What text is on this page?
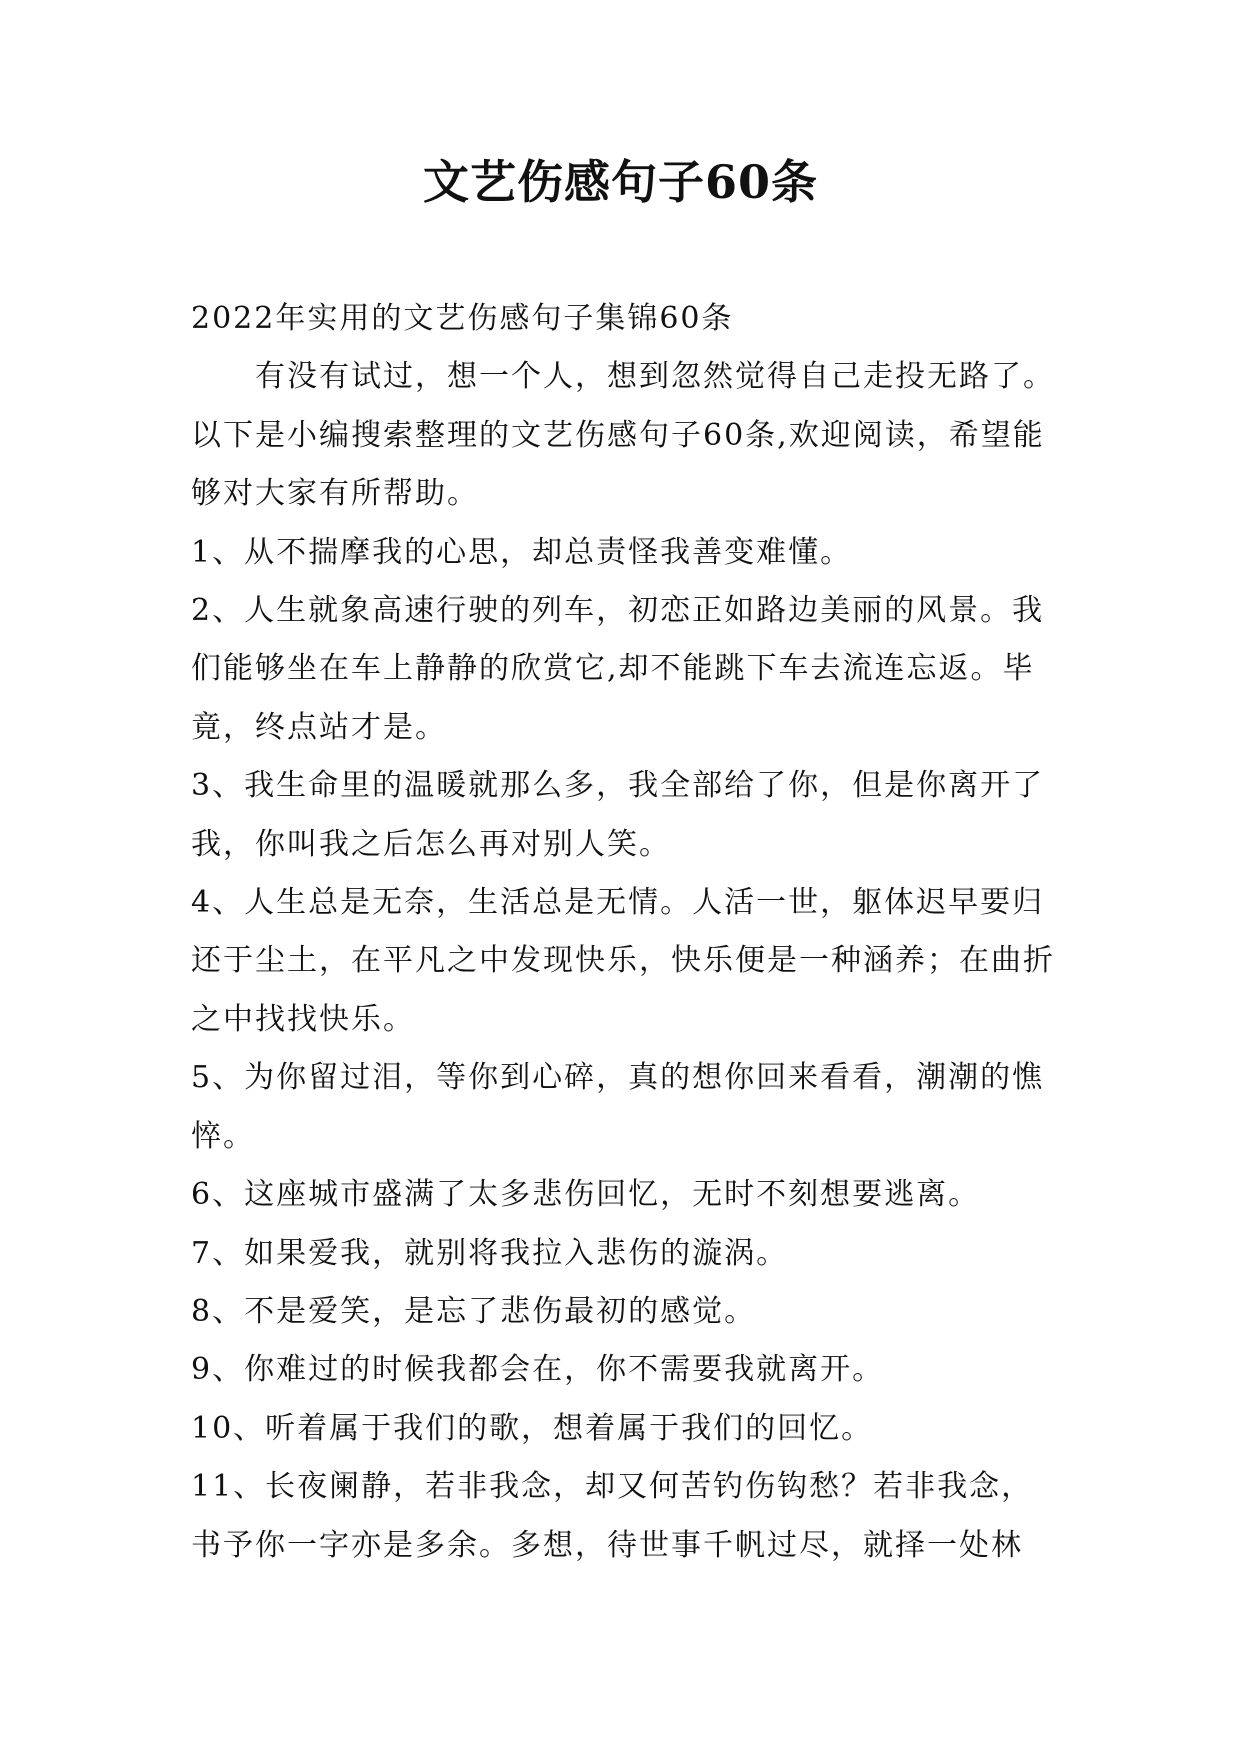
文艺伤感句子60条

2022年实用的文艺伤感句子集锦60条

有没有试过，想一个人，想到忽然觉得自己走投无路了。以下是小编搜索整理的文艺伤感句子60条,欢迎阅读，希望能够对大家有所帮助。

1、从不揣摩我的心思，却总责怪我善变难懂。

2、人生就象高速行驶的列车，初恋正如路边美丽的风景。我们能够坐在车上静静的欣赏它,却不能跳下车去流连忘返。毕竟，终点站才是。

3、我生命里的温暖就那么多，我全部给了你，但是你离开了我，你叫我之后怎么再对别人笑。

4、人生总是无奈，生活总是无情。人活一世，躯体迟早要归还于尘土，在平凡之中发现快乐，快乐便是一种涵养；在曲折之中找找快乐。

5、为你留过泪，等你到心碎，真的想你回来看看，潮潮的憔悴。

6、这座城市盛满了太多悲伤回忆，无时不刻想要逃离。

7、如果爱我，就别将我拉入悲伤的漩涡。

8、不是爱笑，是忘了悲伤最初的感觉。

9、你难过的时候我都会在，你不需要我就离开。

10、听着属于我们的歌，想着属于我们的回忆。

11、长夜阑静，若非我念，却又何苦钓伤钩愁？若非我念，书予你一字亦是多余。多想，待世事千帆过尽，就择一处林
